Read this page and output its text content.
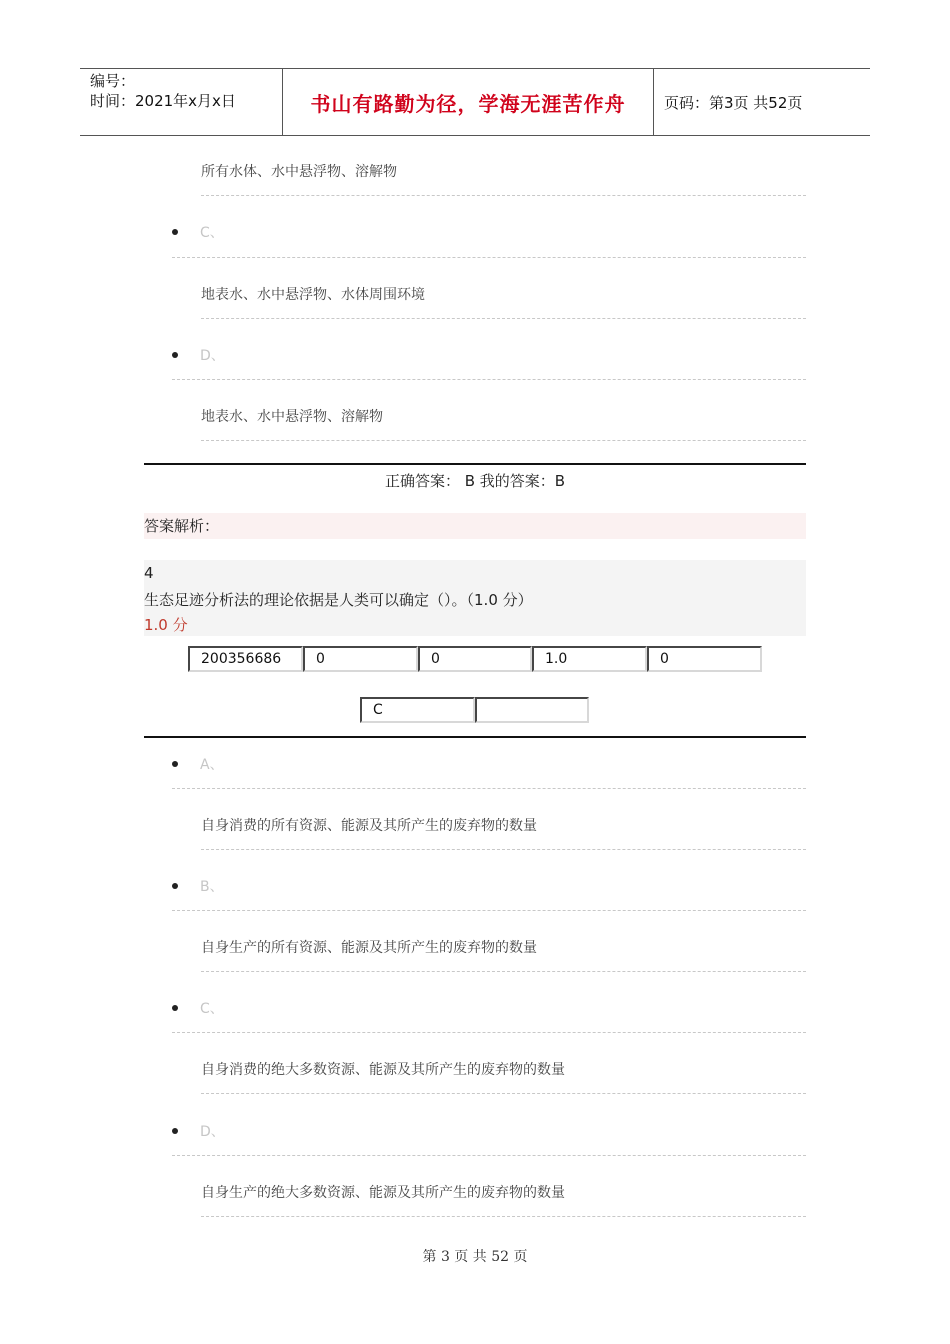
编号：
时间：2021年x月x日	书山有路勤为径，学海无涯苦作舟	页码：第3页 共52页
所有水体、水中悬浮物、溶解物
C、
地表水、水中悬浮物、水体周围环境
D、
地表水、水中悬浮物、溶解物
正确答案： B 我的答案：B
答案解析：
4
生态足迹分析法的理论依据是人类可以确定（）。（1.0 分）
1.0 分
200356686	0	0	1.0	0
C
A、
自身消费的所有资源、能源及其所产生的废弃物的数量
B、
自身生产的所有资源、能源及其所产生的废弃物的数量
C、
自身消费的绝大多数资源、能源及其所产生的废弃物的数量
D、
自身生产的绝大多数资源、能源及其所产生的废弃物的数量
第 3 页 共 52 页
